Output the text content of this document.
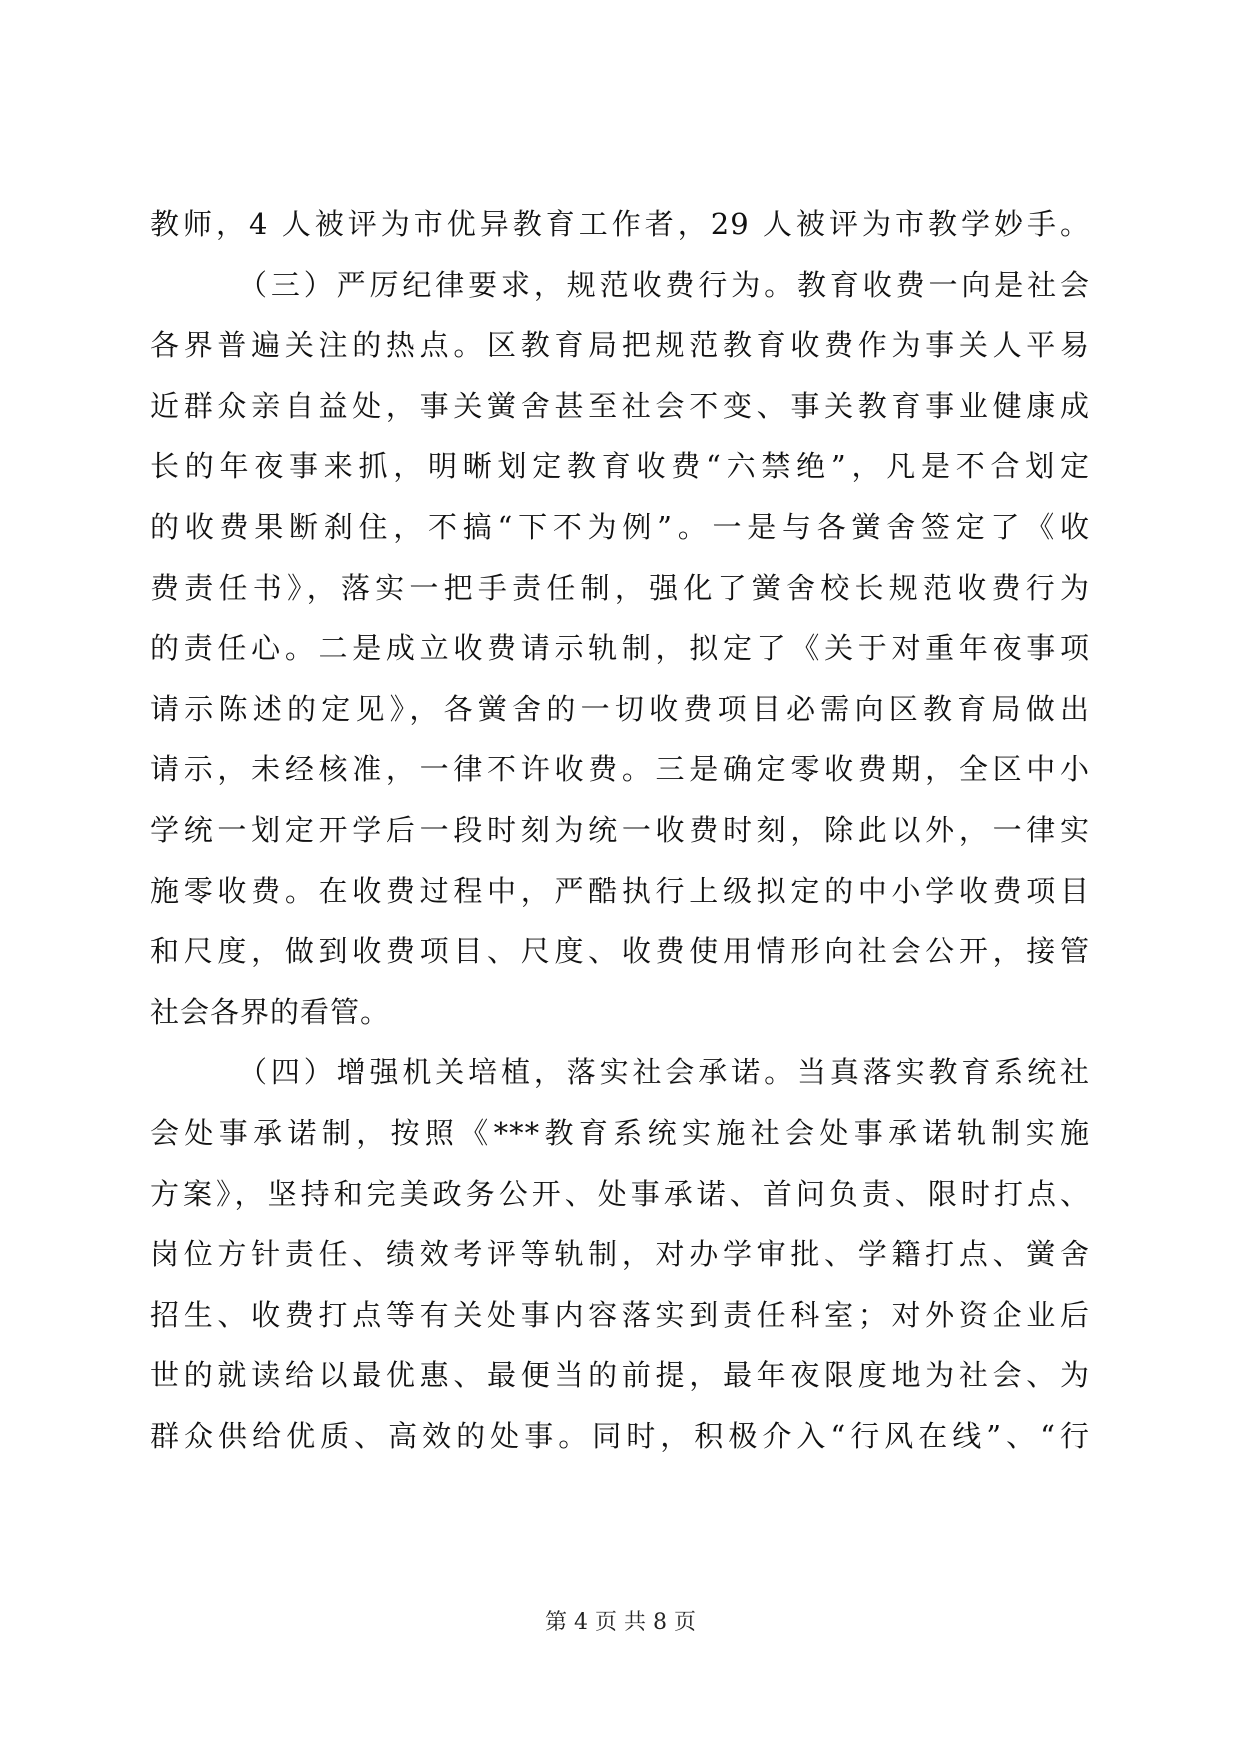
教师，4 人被评为市优异教育工作者，29 人被评为市教学妙手。
（三）严厉纪律要求，规范收费行为。教育收费一向是社会
各界普遍关注的热点。区教育局把规范教育收费作为事关人平易
近群众亲自益处，事关黉舍甚至社会不变、事关教育事业健康成
长的年夜事来抓，明晰划定教育收费“六禁绝”，凡是不合划定
的收费果断刹住，不搞“下不为例”。一是与各黉舍签定了《收
费责任书》，落实一把手责任制，强化了黉舍校长规范收费行为
的责任心。二是成立收费请示轨制，拟定了《关于对重年夜事项
请示陈述的定见》，各黉舍的一切收费项目必需向区教育局做出
请示，未经核准，一律不许收费。三是确定零收费期，全区中小
学统一划定开学后一段时刻为统一收费时刻，除此以外，一律实
施零收费。在收费过程中，严酷执行上级拟定的中小学收费项目
和尺度，做到收费项目、尺度、收费使用情形向社会公开，接管
社会各界的看管。
（四）增强机关培植，落实社会承诺。当真落实教育系统社
会处事承诺制，按照《***教育系统实施社会处事承诺轨制实施
方案》，坚持和完美政务公开、处事承诺、首问负责、限时打点、
岗位方针责任、绩效考评等轨制，对办学审批、学籍打点、黉舍
招生、收费打点等有关处事内容落实到责任科室；对外资企业后
世的就读给以最优惠、最便当的前提，最年夜限度地为社会、为
群众供给优质、高效的处事。同时，积极介入“行风在线”、“行
第 4 页 共 8 页
